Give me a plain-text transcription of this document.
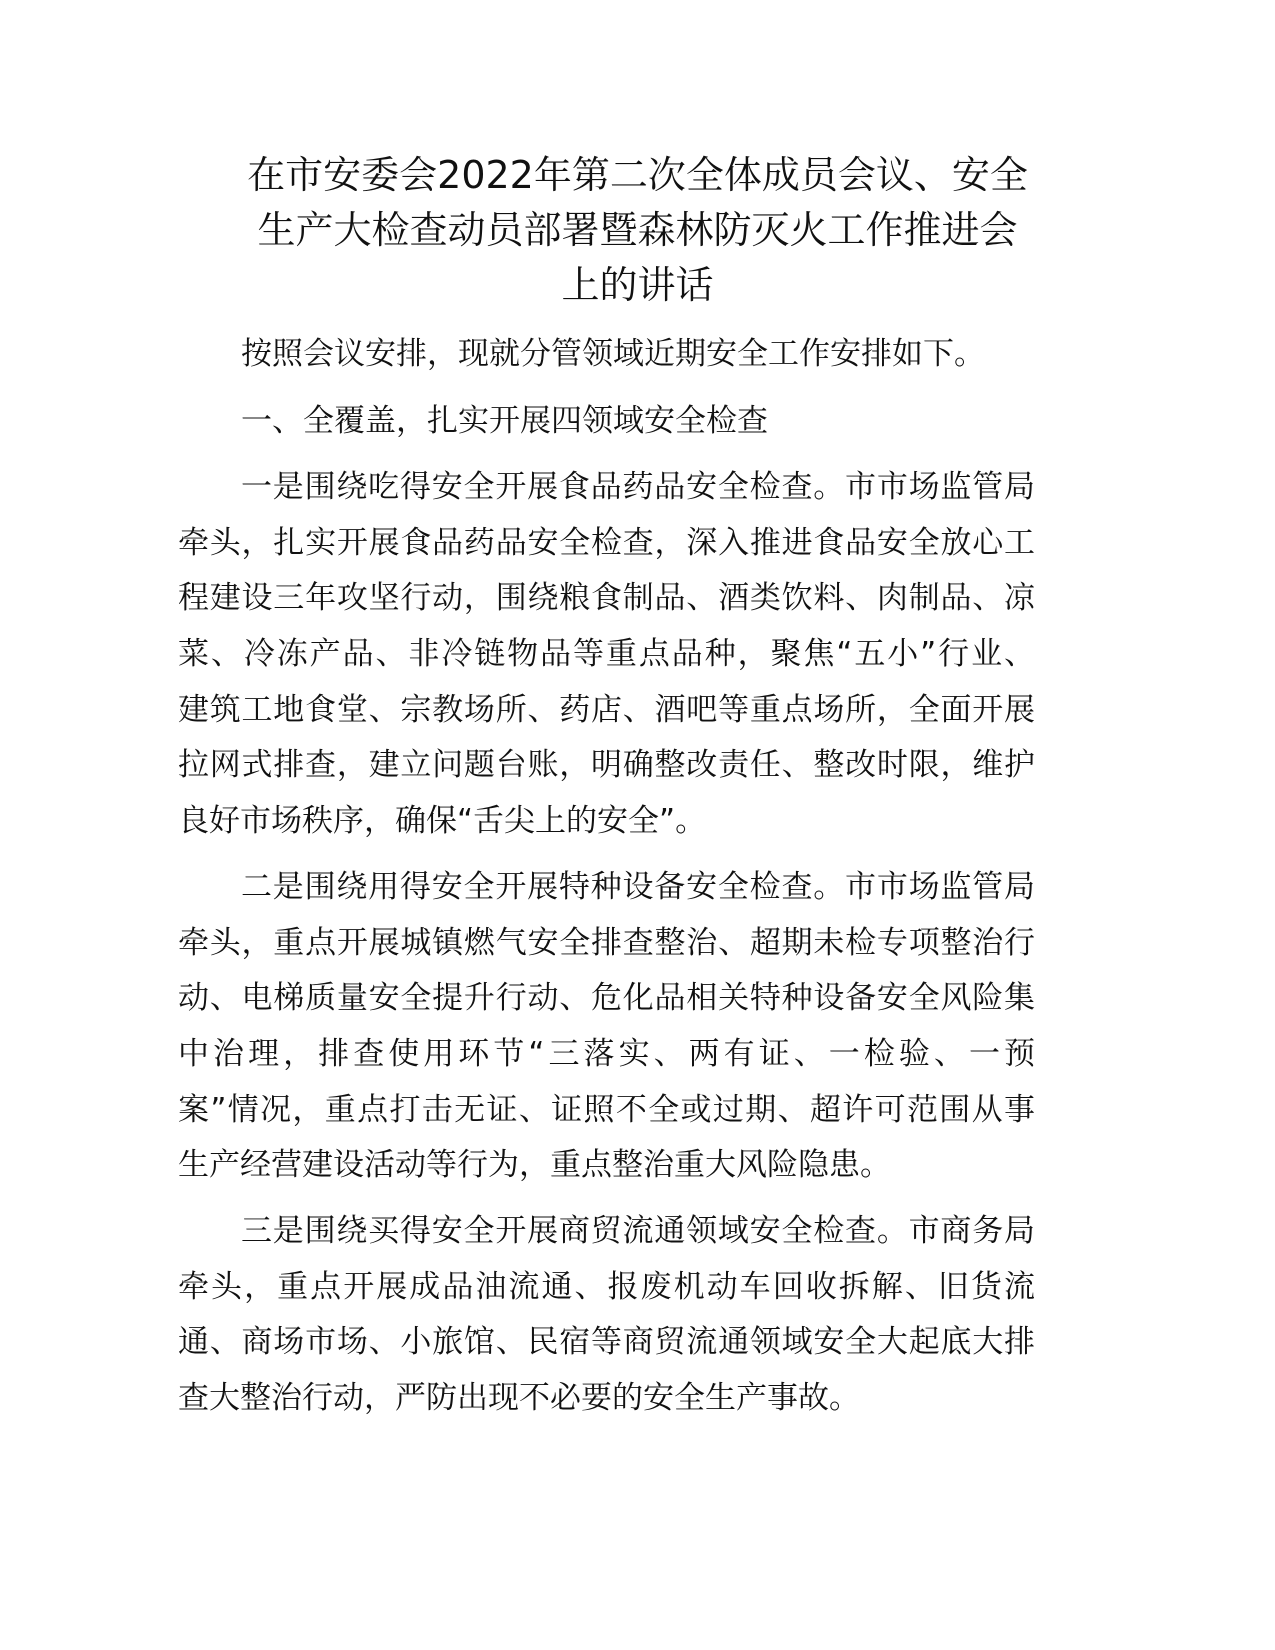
在市安委会2022年第二次全体成员会议、安全
生产大检查动员部署暨森林防灭火工作推进会
上的讲话
按照会议安排，现就分管领域近期安全工作安排如下。
一、全覆盖，扎实开展四领域安全检查
一是围绕吃得安全开展食品药品安全检查。市市场监管局
牵头，扎实开展食品药品安全检查，深入推进食品安全放心工
程建设三年攻坚行动，围绕粮食制品、酒类饮料、肉制品、凉
菜、冷冻产品、非冷链物品等重点品种，聚焦“五小”行业、
建筑工地食堂、宗教场所、药店、酒吧等重点场所，全面开展
拉网式排查，建立问题台账，明确整改责任、整改时限，维护
良好市场秩序，确保“舌尖上的安全”。
二是围绕用得安全开展特种设备安全检查。市市场监管局
牵头，重点开展城镇燃气安全排查整治、超期未检专项整治行
动、电梯质量安全提升行动、危化品相关特种设备安全风险集
中治理，排查使用环节“三落实、两有证、一检验、一预
案”情况，重点打击无证、证照不全或过期、超许可范围从事
生产经营建设活动等行为，重点整治重大风险隐患。
三是围绕买得安全开展商贸流通领域安全检查。市商务局
牵头，重点开展成品油流通、报废机动车回收拆解、旧货流
通、商场市场、小旅馆、民宿等商贸流通领域安全大起底大排
查大整治行动，严防出现不必要的安全生产事故。
